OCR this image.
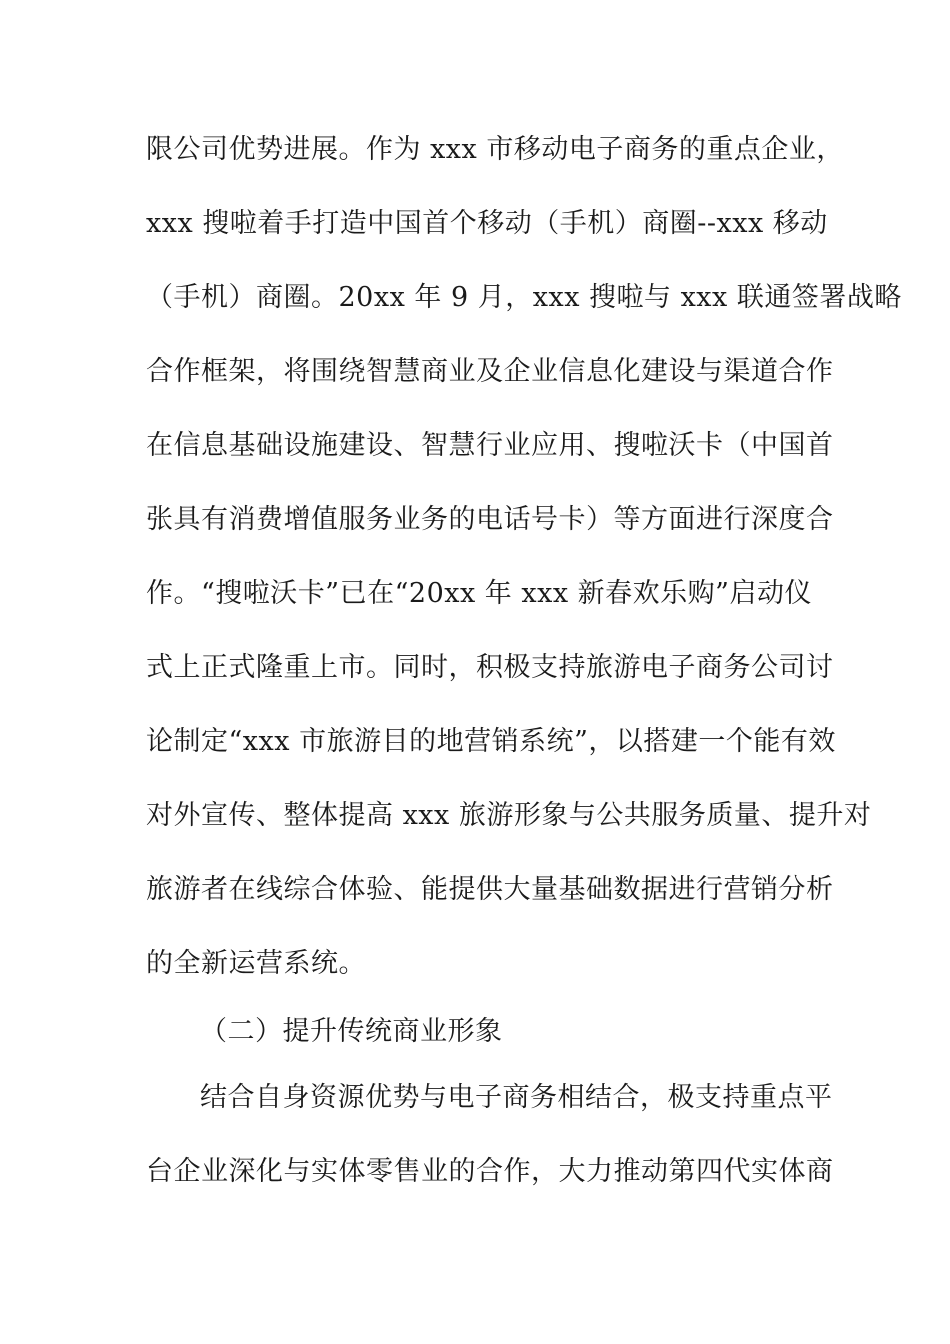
限公司优势进展。作为 xxx 市移动电子商务的重点企业，
xxx 搜啦着手打造中国首个移动（手机）商圈--xxx 移动
（手机）商圈。20xx 年 9 月，xxx 搜啦与 xxx 联通签署战略
合作框架，将围绕智慧商业及企业信息化建设与渠道合作
在信息基础设施建设、智慧行业应用、搜啦沃卡（中国首
张具有消费增值服务业务的电话号卡）等方面进行深度合
作。“搜啦沃卡”已在“20xx 年 xxx 新春欢乐购”启动仪
式上正式隆重上市。同时，积极支持旅游电子商务公司讨
论制定“xxx 市旅游目的地营销系统”，以搭建一个能有效
对外宣传、整体提高 xxx 旅游形象与公共服务质量、提升对
旅游者在线综合体验、能提供大量基础数据进行营销分析
的全新运营系统。
（二）提升传统商业形象
结合自身资源优势与电子商务相结合，极支持重点平
台企业深化与实体零售业的合作，大力推动第四代实体商
